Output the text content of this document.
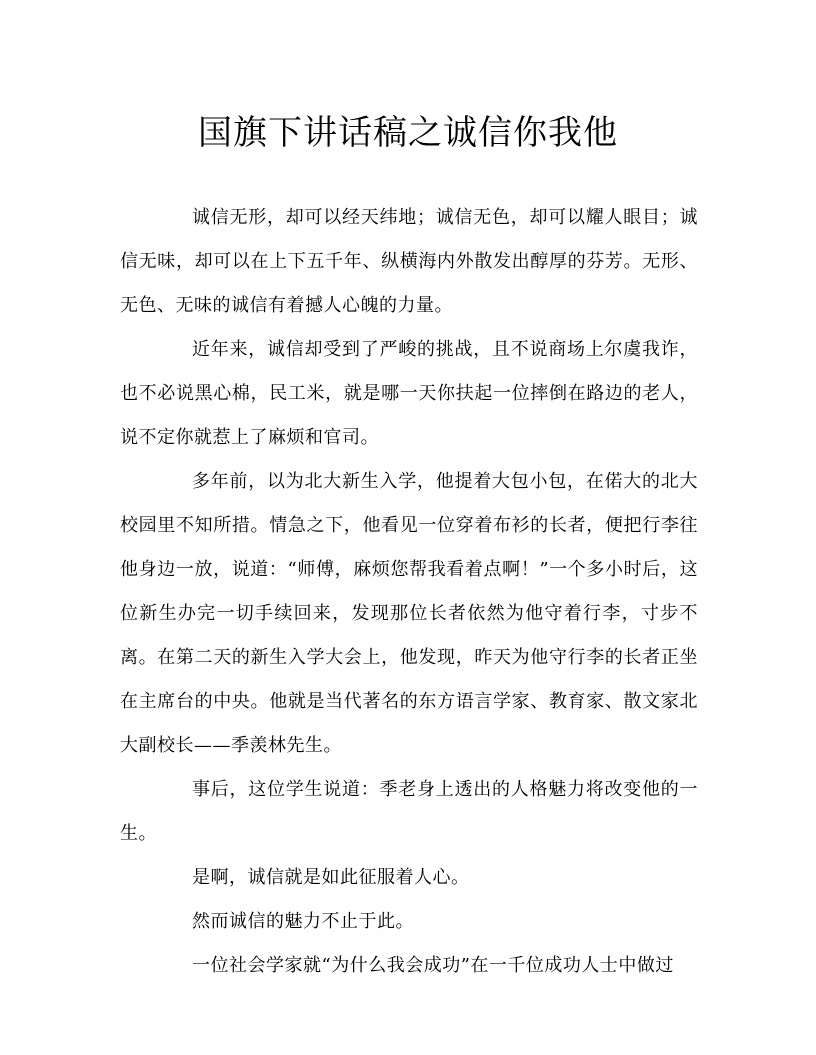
国旗下讲话稿之诚信你我他

诚信无形，却可以经天纬地；诚信无色，却可以耀人眼目；诚信无味，却可以在上下五千年、纵横海内外散发出醇厚的芬芳。无形、无色、无味的诚信有着撼人心魄的力量。

近年来，诚信却受到了严峻的挑战，且不说商场上尔虞我诈，也不必说黑心棉，民工米，就是哪一天你扶起一位摔倒在路边的老人，说不定你就惹上了麻烦和官司。

多年前，以为北大新生入学，他提着大包小包，在偌大的北大校园里不知所措。情急之下，他看见一位穿着布衫的长者，便把行李往他身边一放，说道：“师傅，麻烦您帮我看着点啊！”一个多小时后，这位新生办完一切手续回来，发现那位长者依然为他守着行李，寸步不离。在第二天的新生入学大会上，他发现，昨天为他守行李的长者正坐在主席台的中央。他就是当代著名的东方语言学家、教育家、散文家北大副校长——季羡林先生。

事后，这位学生说道：季老身上透出的人格魅力将改变他的一生。

是啊，诚信就是如此征服着人心。

然而诚信的魅力不止于此。

一位社会学家就“为什么我会成功”在一千位成功人士中做过
